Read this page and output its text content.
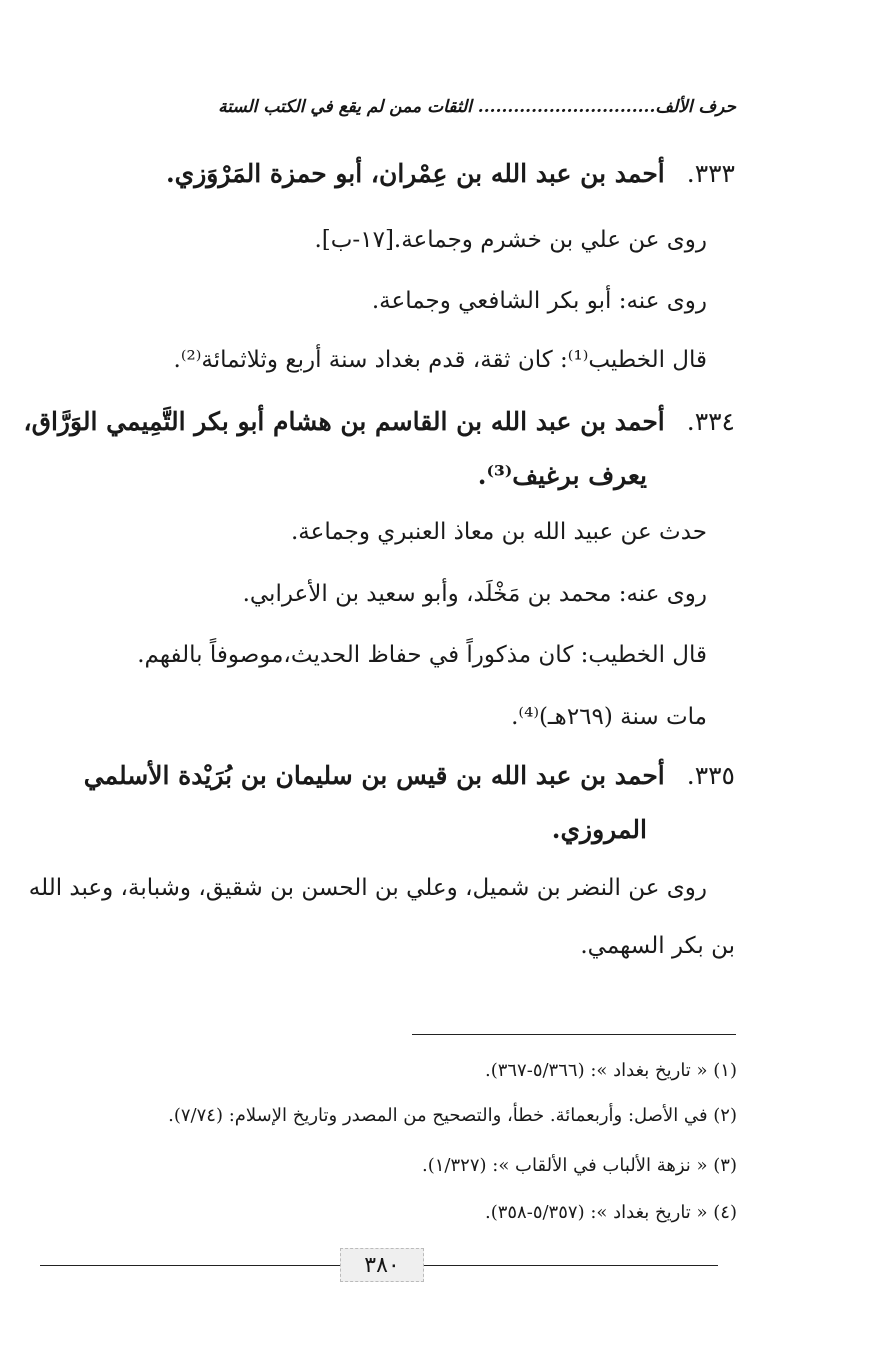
حرف الألف.............................. الثقات ممن لم يقع في الكتب الستة
٣٣٣.أحمد بن عبد الله بن عِمْران، أبو حمزة المَرْوَزي.
روى عن علي بن خشرم وجماعة.[١٧-ب].
روى عنه: أبو بكر الشافعي وجماعة.
قال الخطيب⁽¹⁾: كان ثقة، قدم بغداد سنة أربع وثلاثمائة⁽²⁾.
٣٣٤.أحمد بن عبد الله بن القاسم بن هشام أبو بكر التَّمِيمي الوَرَّاق،
يعرف برغيف⁽³⁾.
حدث عن عبيد الله بن معاذ العنبري وجماعة.
روى عنه: محمد بن مَخْلَد، وأبو سعيد بن الأعرابي.
قال الخطيب: كان مذكوراً في حفاظ الحديث،موصوفاً بالفهم.
مات سنة (٢٦٩هـ)⁽⁴⁾.
٣٣٥.أحمد بن عبد الله بن قيس بن سليمان بن بُرَيْدة الأسلمي
المروزي.
روى عن النضر بن شميل، وعلي بن الحسن بن شقيق، وشبابة، وعبد الله
بن بكر السهمي.
(١) « تاريخ بغداد »: (٥/٣٦٦-٣٦٧).
(٢) في الأصل: وأربعمائة. خطأ، والتصحيح من المصدر وتاريخ الإسلام: (٧/٧٤).
(٣) « نزهة الألباب في الألقاب »: (١/٣٢٧).
(٤) « تاريخ بغداد »: (٥/٣٥٧-٣٥٨).
٣٨٠
